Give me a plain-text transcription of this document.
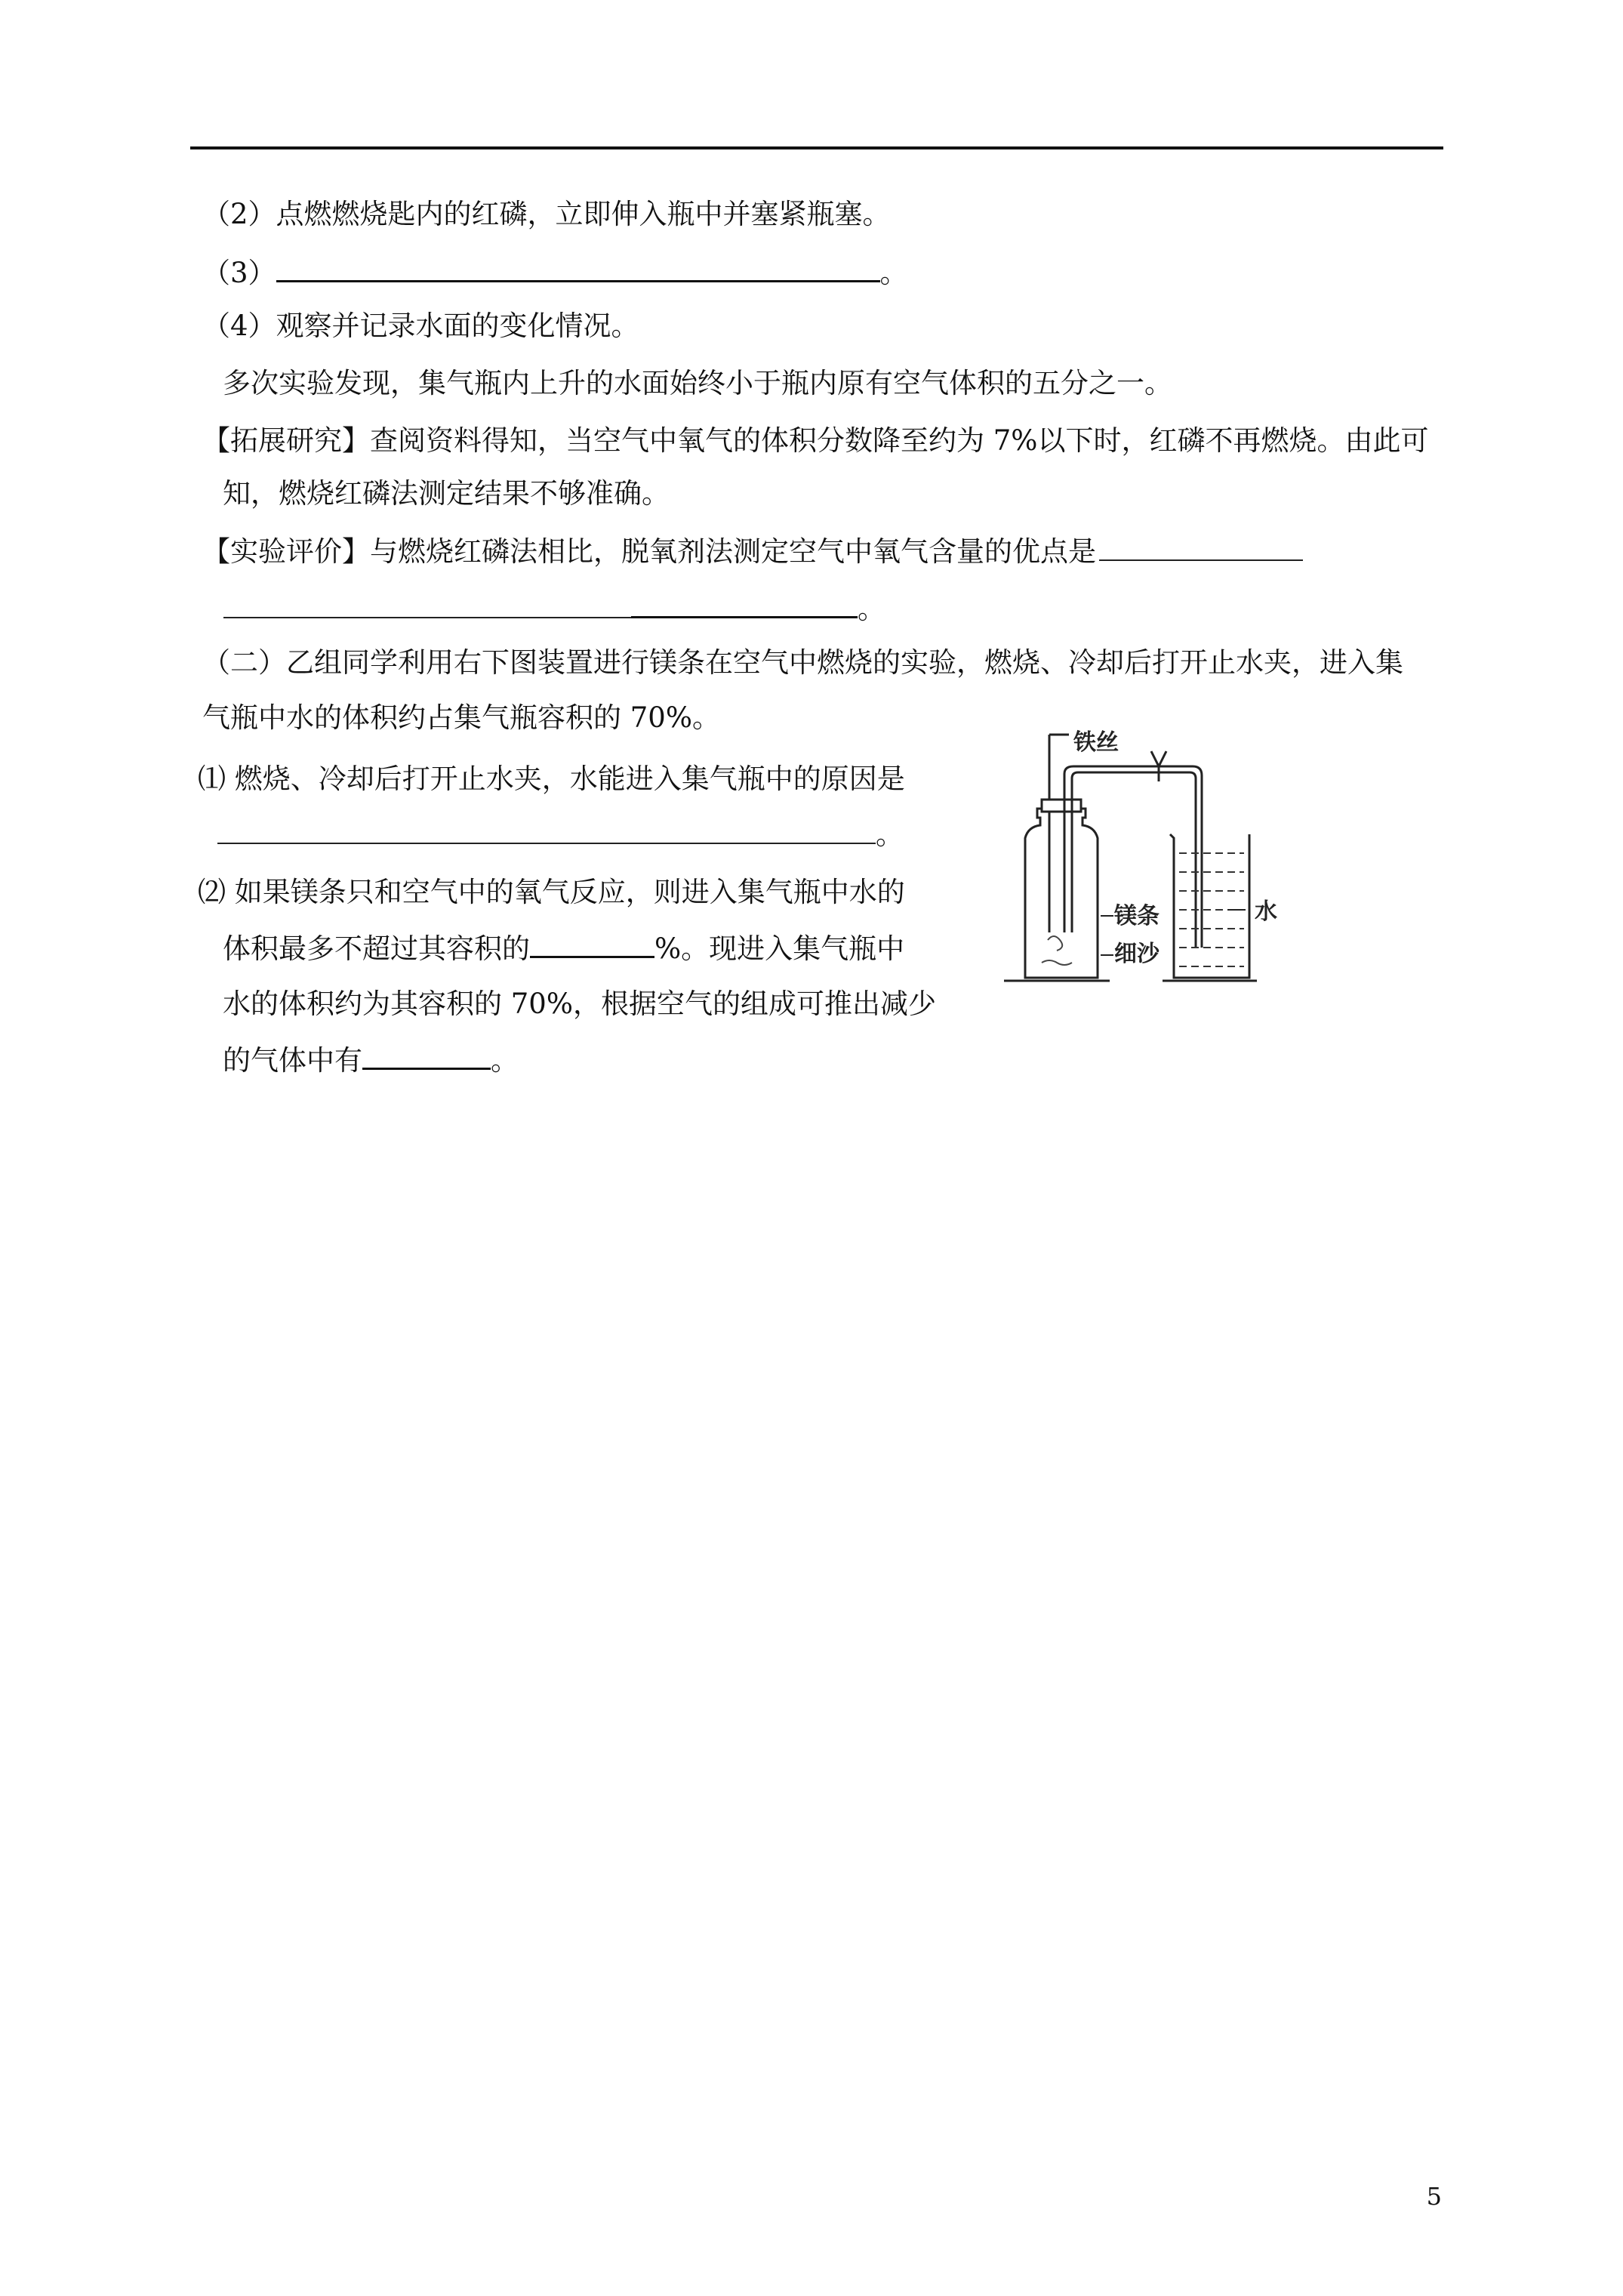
（2）点燃燃烧匙内的红磷，立即伸入瓶中并塞紧瓶塞。
（3）	。
（4）观察并记录水面的变化情况。
多次实验发现，集气瓶内上升的水面始终小于瓶内原有空气体积的五分之一。
【拓展研究】查阅资料得知，当空气中氧气的体积分数降至约为 7%以下时，红磷不再燃烧。由此可
知，燃烧红磷法测定结果不够准确。
【实验评价】与燃烧红磷法相比，脱氧剂法测定空气中氧气含量的优点是
。
（二）乙组同学利用右下图装置进行镁条在空气中燃烧的实验，燃烧、冷却后打开止水夹，进入集
气瓶中水的体积约占集气瓶容积的 70%。
⑴ 燃烧、冷却后打开止水夹，水能进入集气瓶中的原因是
。
⑵ 如果镁条只和空气中的氧气反应，则进入集气瓶中水的
体积最多不超过其容积的	%。现进入集气瓶中
水的体积约为其容积的 70%，根据空气的组成可推出减少
的气体中有	。
铁丝
镁条
细沙
水
5
